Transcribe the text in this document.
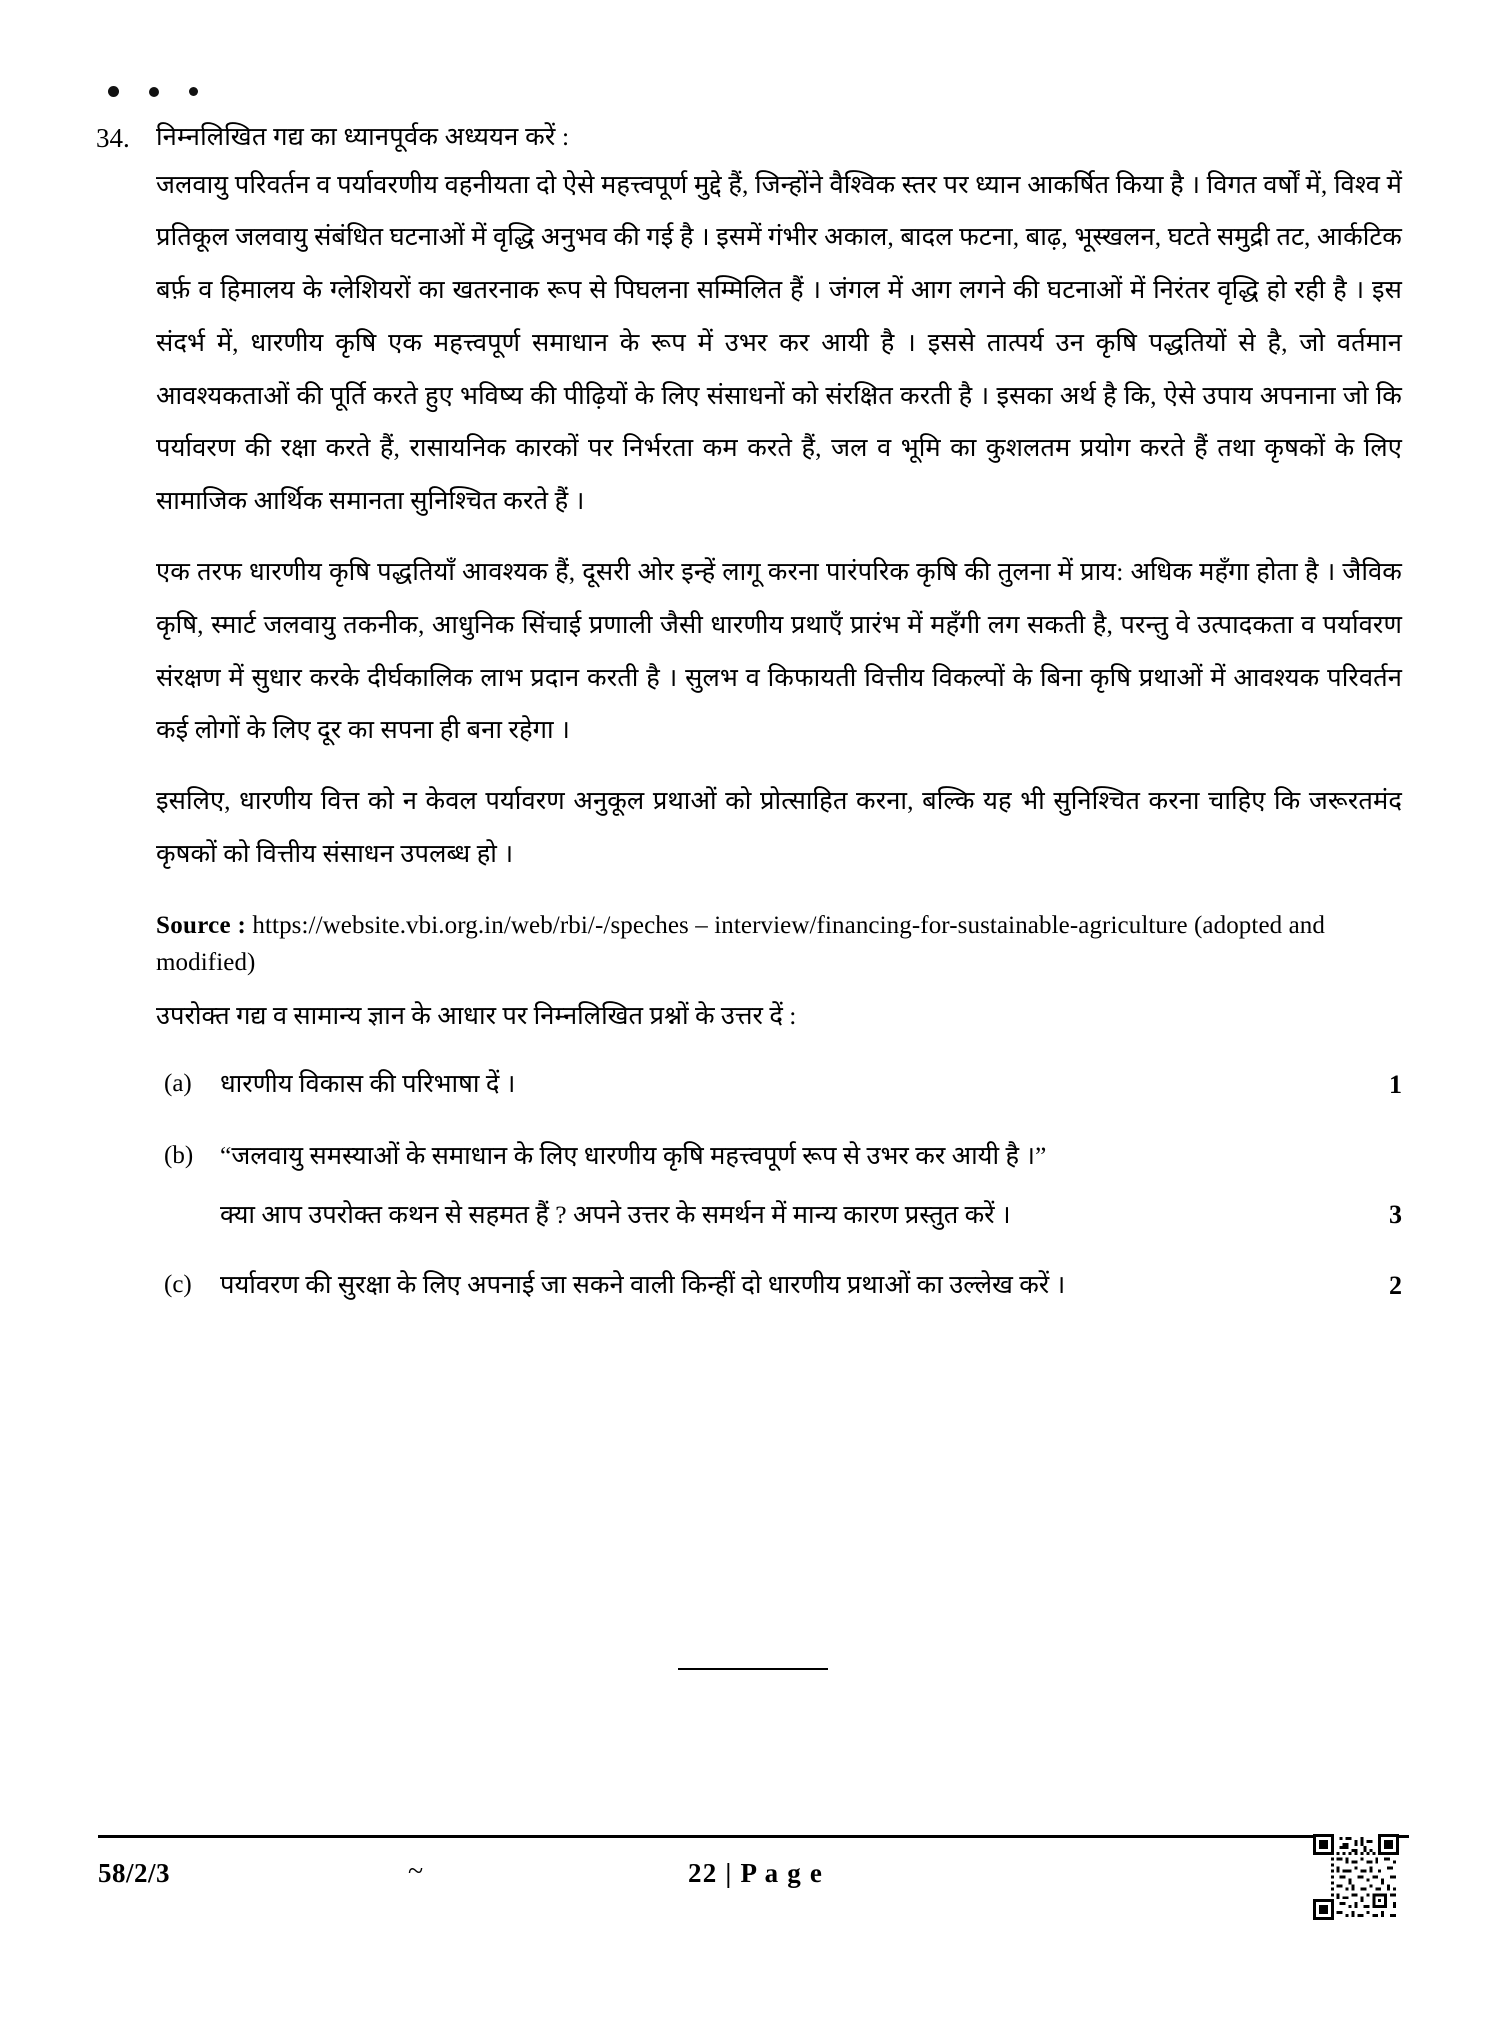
34.	निम्नलिखित गद्य का ध्यानपूर्वक अध्ययन करें :

जलवायु परिवर्तन व पर्यावरणीय वहनीयता दो ऐसे महत्त्वपूर्ण मुद्दे हैं, जिन्होंने वैश्विक स्तर पर ध्यान आकर्षित किया है । विगत वर्षों में, विश्व में प्रतिकूल जलवायु संबंधित घटनाओं में वृद्धि अनुभव की गई है । इसमें गंभीर अकाल, बादल फटना, बाढ़, भूस्खलन, घटते समुद्री तट, आर्कटिक बर्फ़ व हिमालय के ग्लेशियरों का खतरनाक रूप से पिघलना सम्मिलित हैं । जंगल में आग लगने की घटनाओं में निरंतर वृद्धि हो रही है । इस संदर्भ में, धारणीय कृषि एक महत्त्वपूर्ण समाधान के रूप में उभर कर आयी है । इससे तात्पर्य उन कृषि पद्धतियों से है, जो वर्तमान आवश्यकताओं की पूर्ति करते हुए भविष्य की पीढ़ियों के लिए संसाधनों को संरक्षित करती है । इसका अर्थ है कि, ऐसे उपाय अपनाना जो कि पर्यावरण की रक्षा करते हैं, रासायनिक कारकों पर निर्भरता कम करते हैं, जल व भूमि का कुशलतम प्रयोग करते हैं तथा कृषकों के लिए सामाजिक आर्थिक समानता सुनिश्चित करते हैं ।

एक तरफ धारणीय कृषि पद्धतियाँ आवश्यक हैं, दूसरी ओर इन्हें लागू करना पारंपरिक कृषि की तुलना में प्राय: अधिक महँगा होता है । जैविक कृषि, स्मार्ट जलवायु तकनीक, आधुनिक सिंचाई प्रणाली जैसी धारणीय प्रथाएँ प्रारंभ में महँगी लग सकती है, परन्तु वे उत्पादकता व पर्यावरण संरक्षण में सुधार करके दीर्घकालिक लाभ प्रदान करती है । सुलभ व किफायती वित्तीय विकल्पों के बिना कृषि प्रथाओं में आवश्यक परिवर्तन कई लोगों के लिए दूर का सपना ही बना रहेगा ।

इसलिए, धारणीय वित्त को न केवल पर्यावरण अनुकूल प्रथाओं को प्रोत्साहित करना, बल्कि यह भी सुनिश्चित करना चाहिए कि जरूरतमंद कृषकों को वित्तीय संसाधन उपलब्ध हो ।

Source : https://website.vbi.org.in/web/rbi/-/speches – interview/financing-for-sustainable-agriculture (adopted and modified)

उपरोक्त गद्य व सामान्य ज्ञान के आधार पर निम्नलिखित प्रश्नों के उत्तर दें :

(a)	धारणीय विकास की परिभाषा दें ।	1
(b)	“जलवायु समस्याओं के समाधान के लिए धारणीय कृषि महत्त्वपूर्ण रूप से उभर कर आयी है ।”
क्या आप उपरोक्त कथन से सहमत हैं ? अपने उत्तर के समर्थन में मान्य कारण प्रस्तुत करें ।	3
(c)	पर्यावरण की सुरक्षा के लिए अपनाई जा सकने वाली किन्हीं दो धारणीय प्रथाओं का उल्लेख करें ।	2
58/2/3	~	22 | P a g e
